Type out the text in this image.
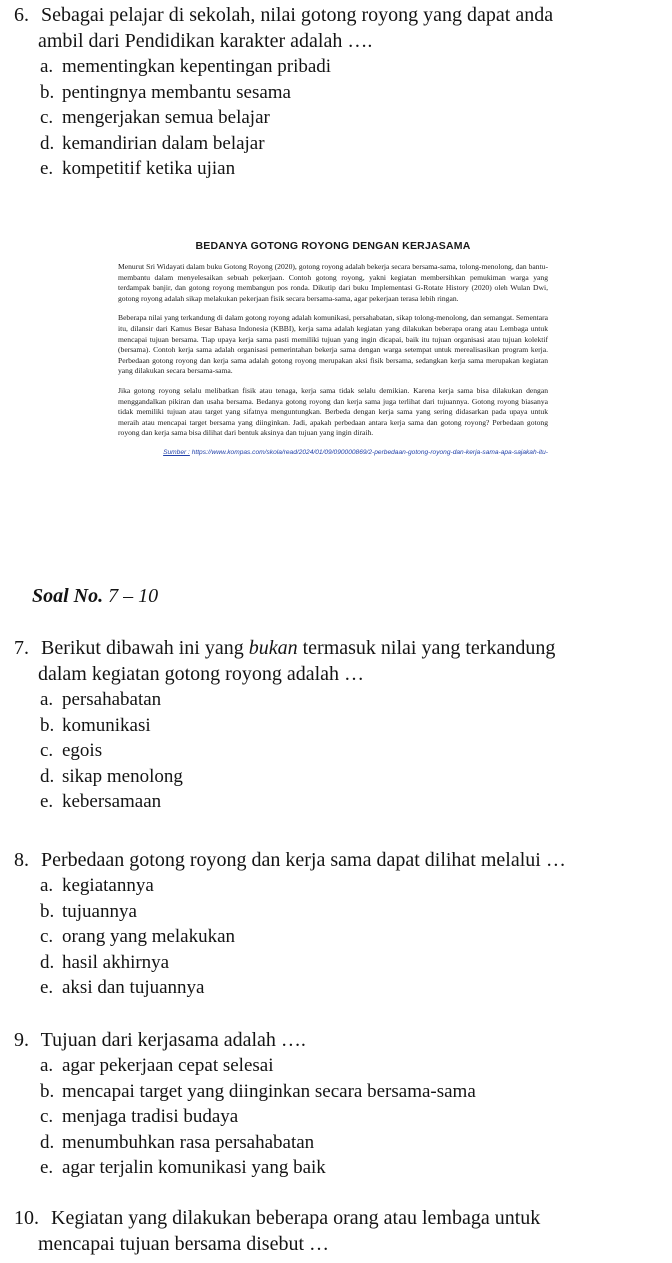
6. Sebagai pelajar di sekolah, nilai gotong royong yang dapat anda
ambil dari Pendidikan karakter adalah ….
a. mementingkan kepentingan pribadi
b. pentingnya membantu sesama
c. mengerjakan semua belajar
d. kemandirian dalam belajar
e. kompetitif ketika ujian
BEDANYA GOTONG ROYONG DENGAN KERJASAMA

Menurut Sri Widayati dalam buku Gotong Royong (2020), gotong royong adalah bekerja secara bersama-sama, tolong-menolong, dan bantu-membantu dalam menyelesaikan sebuah pekerjaan. Contoh gotong royong, yakni kegiatan membersihkan pemukiman warga yang terdampak banjir, dan gotong royong membangun pos ronda. Dikutip dari buku Implementasi G-Rotate History (2020) oleh Wulan Dwi, gotong royong adalah sikap melakukan pekerjaan fisik secara bersama-sama, agar pekerjaan terasa lebih ringan.

Beberapa nilai yang terkandung di dalam gotong royong adalah komunikasi, persahabatan, sikap tolong-menolong, dan semangat. Sementara itu, dilansir dari Kamus Besar Bahasa Indonesia (KBBI), kerja sama adalah kegiatan yang dilakukan beberapa orang atau Lembaga untuk mencapai tujuan bersama. Tiap upaya kerja sama pasti memiliki tujuan yang ingin dicapai, baik itu tujuan organisasi atau tujuan kolektif (bersama). Contoh kerja sama adalah organisasi pemerintahan bekerja sama dengan warga setempat untuk merealisasikan program kerja. Perbedaan gotong royong dan kerja sama adalah gotong royong merupakan aksi fisik bersama, sedangkan kerja sama merupakan kegiatan yang dilakukan secara bersama-sama.

Jika gotong royong selalu melibatkan fisik atau tenaga, kerja sama tidak selalu demikian. Karena kerja sama bisa dilakukan dengan menggandalkan pikiran dan usaha bersama. Bedanya gotong royong dan kerja sama juga terlihat dari tujuannya. Gotong royong biasanya tidak memiliki tujuan atau target yang sifatnya menguntungkan. Berbeda dengan kerja sama yang sering didasarkan pada upaya untuk meraih atau mencapai target bersama yang diinginkan. Jadi, apakah perbedaan antara kerja sama dan gotong royong? Perbedaan gotong royong dan kerja sama bisa dilihat dari bentuk aksinya dan tujuan yang ingin diraih.

Sumber : https://www.kompas.com/skola/read/2024/01/09/090000869/2-perbedaan-gotong-royong-dan-kerja-sama-apa-sajakah-itu-
Soal No. 7 – 10
7. Berikut dibawah ini yang bukan termasuk nilai yang terkandung
dalam kegiatan gotong royong adalah …
a. persahabatan
b. komunikasi
c. egois
d. sikap menolong
e. kebersamaan
8. Perbedaan gotong royong dan kerja sama dapat dilihat melalui …
a. kegiatannya
b. tujuannya
c. orang yang melakukan
d. hasil akhirnya
e. aksi dan tujuannya
9. Tujuan dari kerjasama adalah ….
a. agar pekerjaan cepat selesai
b. mencapai target yang diinginkan secara bersama-sama
c. menjaga tradisi budaya
d. menumbuhkan rasa persahabatan
e. agar terjalin komunikasi yang baik
10. Kegiatan yang dilakukan beberapa orang atau lembaga untuk
mencapai tujuan bersama disebut …
